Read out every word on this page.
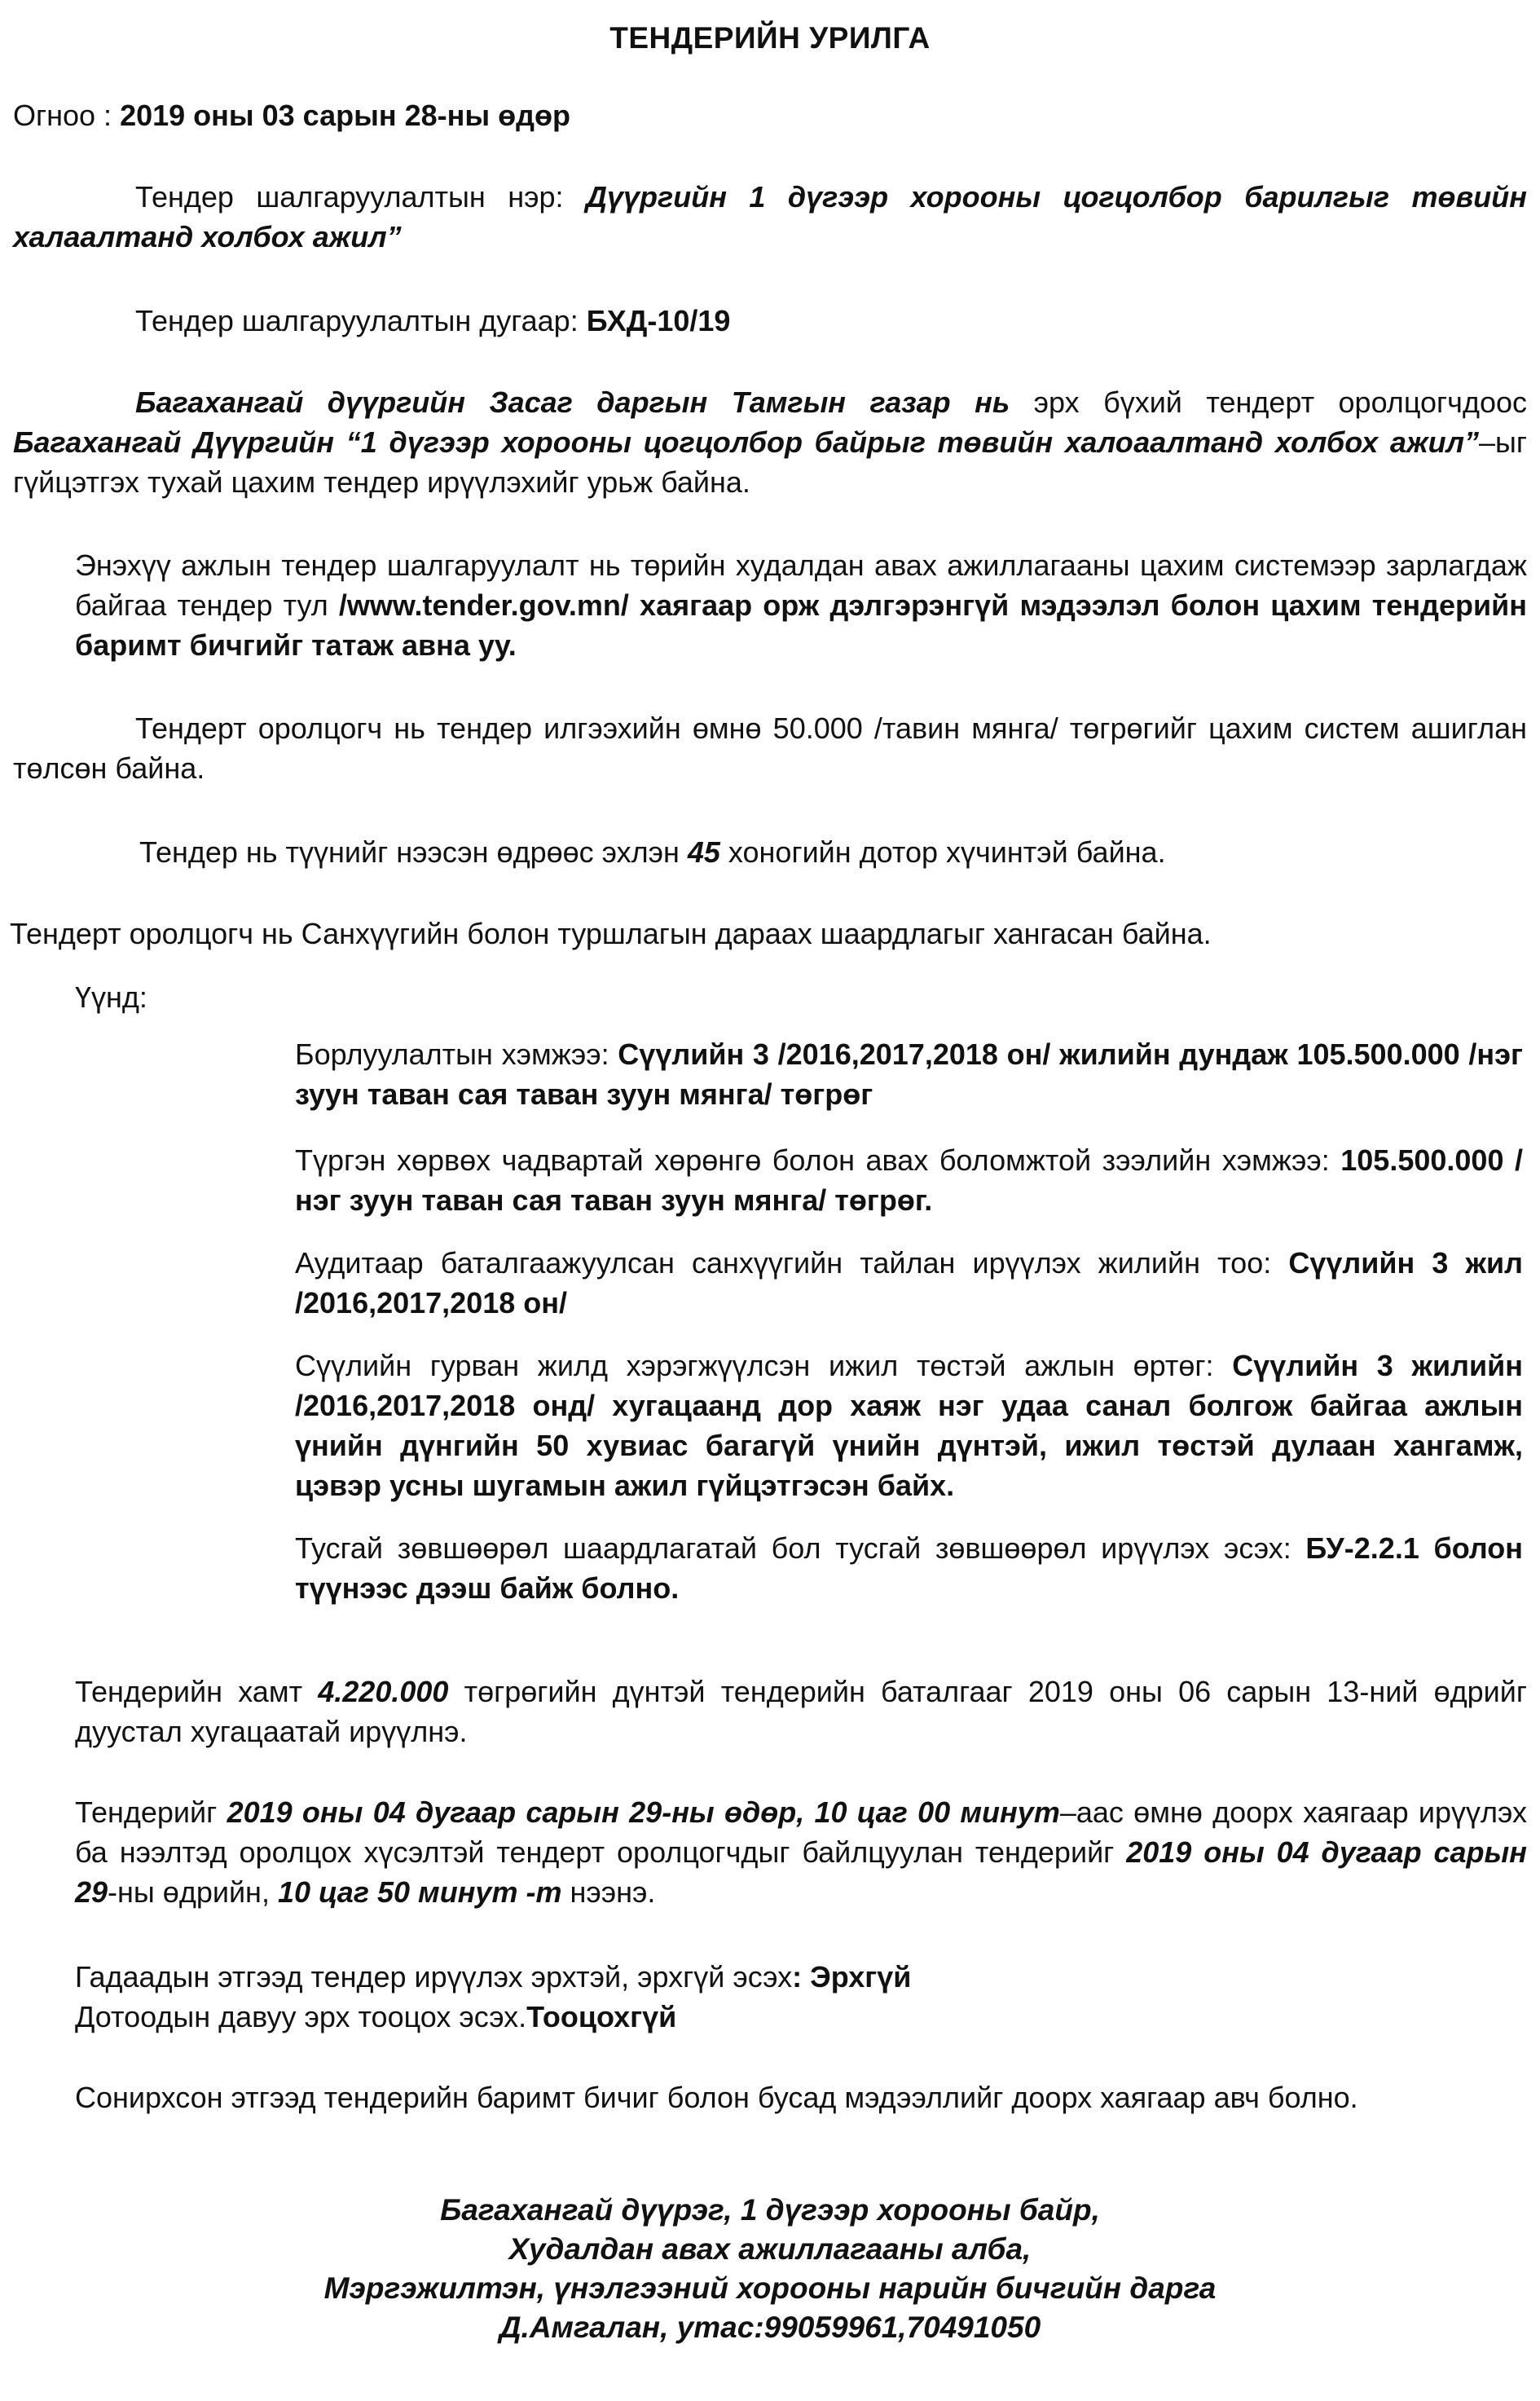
ТЕНДЕРИЙН УРИЛГА
Огноо : 2019 оны 03 сарын 28-ны өдөр

Тендер шалгаруулалтын нэр: Дүүргийн 1 дүгээр хорооны цогцолбор барилгыг төвийн халаалтанд холбох ажил”

Тендер шалгаруулалтын дугаар: БХД-10/19

Багахангай дүүргийн Засаг даргын Тамгын газар нь эрх бүхий тендерт оролцогчдоос Багахангай Дүүргийн “1 дүгээр хорооны цогцолбор байрыг төвийн халоаалтанд холбох ажил”–ыг гүйцэтгэх тухай цахим тендер ирүүлэхийг урьж байна.

Энэхүү ажлын тендер шалгаруулалт нь төрийн худалдан авах ажиллагааны цахим системээр зарлагдаж байгаа тендер тул /www.tender.gov.mn/ хаягаар орж дэлгэрэнгүй мэдээлэл болон цахим тендерийн баримт бичгийг татаж авна уу.

Тендерт оролцогч нь тендер илгээхийн өмнө 50.000 /тавин мянга/ төгрөгийг цахим систем ашиглан төлсөн байна.

Тендер нь түүнийг нээсэн өдрөөс эхлэн 45 хоногийн дотор хүчинтэй байна.

Тендерт оролцогч нь Санхүүгийн болон туршлагын дараах шаардлагыг хангасан байна.
Үүнд:
Борлуулалтын хэмжээ: Сүүлийн 3 /2016,2017,2018 он/ жилийн дундаж 105.500.000 /нэг зуун таван сая таван зуун мянга/ төгрөг
Түргэн хөрвөх чадвартай хөрөнгө болон авах боломжтой зээлийн хэмжээ: 105.500.000 /нэг зуун таван сая таван зуун мянга/ төгрөг.
Аудитаар баталгаажуулсан санхүүгийн тайлан ирүүлэх жилийн тоо: Сүүлийн 3 жил /2016,2017,2018 он/
Сүүлийн гурван жилд хэрэгжүүлсэн ижил төстэй ажлын өртөг: Сүүлийн 3 жилийн /2016,2017,2018 онд/ хугацаанд дор хаяж нэг удаа санал болгож байгаа ажлын үнийн дүнгийн 50 хувиас багагүй үнийн дүнтэй, ижил төстэй дулаан хангамж, цэвэр усны шугамын ажил гүйцэтгэсэн байх.
Тусгай зөвшөөрөл шаардлагатай бол тусгай зөвшөөрөл ирүүлэх эсэх: БУ-2.2.1 болон түүнээс дээш байж болно.

Тендерийн хамт 4.220.000 төгрөгийн дүнтэй тендерийн баталгааг 2019 оны 06 сарын 13-ний өдрийг дуустал хугацаатай ирүүлнэ.

Тендерийг 2019 оны 04 дугаар сарын 29-ны өдөр, 10 цаг 00 минут–аас өмнө доорх хаягаар ирүүлэх ба нээлтэд оролцох хүсэлтэй тендерт оролцогчдыг байлцуулан тендерийг 2019 оны 04 дугаар сарын 29-ны өдрийн, 10 цаг 50 минут -т нээнэ.

Гадаадын этгээд тендер ирүүлэх эрхтэй, эрхгүй эсэх: Эрхгүй
Дотоодын давуу эрх тооцох эсэх.Тооцохгүй
Сонирхсон этгээд тендерийн баримт бичиг болон бусад мэдээллийг доорх хаягаар авч болно.
Багахангай дүүрэг, 1 дүгээр хорооны байр,
Худалдан авах ажиллагааны алба,
Мэргэжилтэн, үнэлгээний хорооны нарийн бичгийн дарга
Д.Амгалан, утас:99059961,70491050
